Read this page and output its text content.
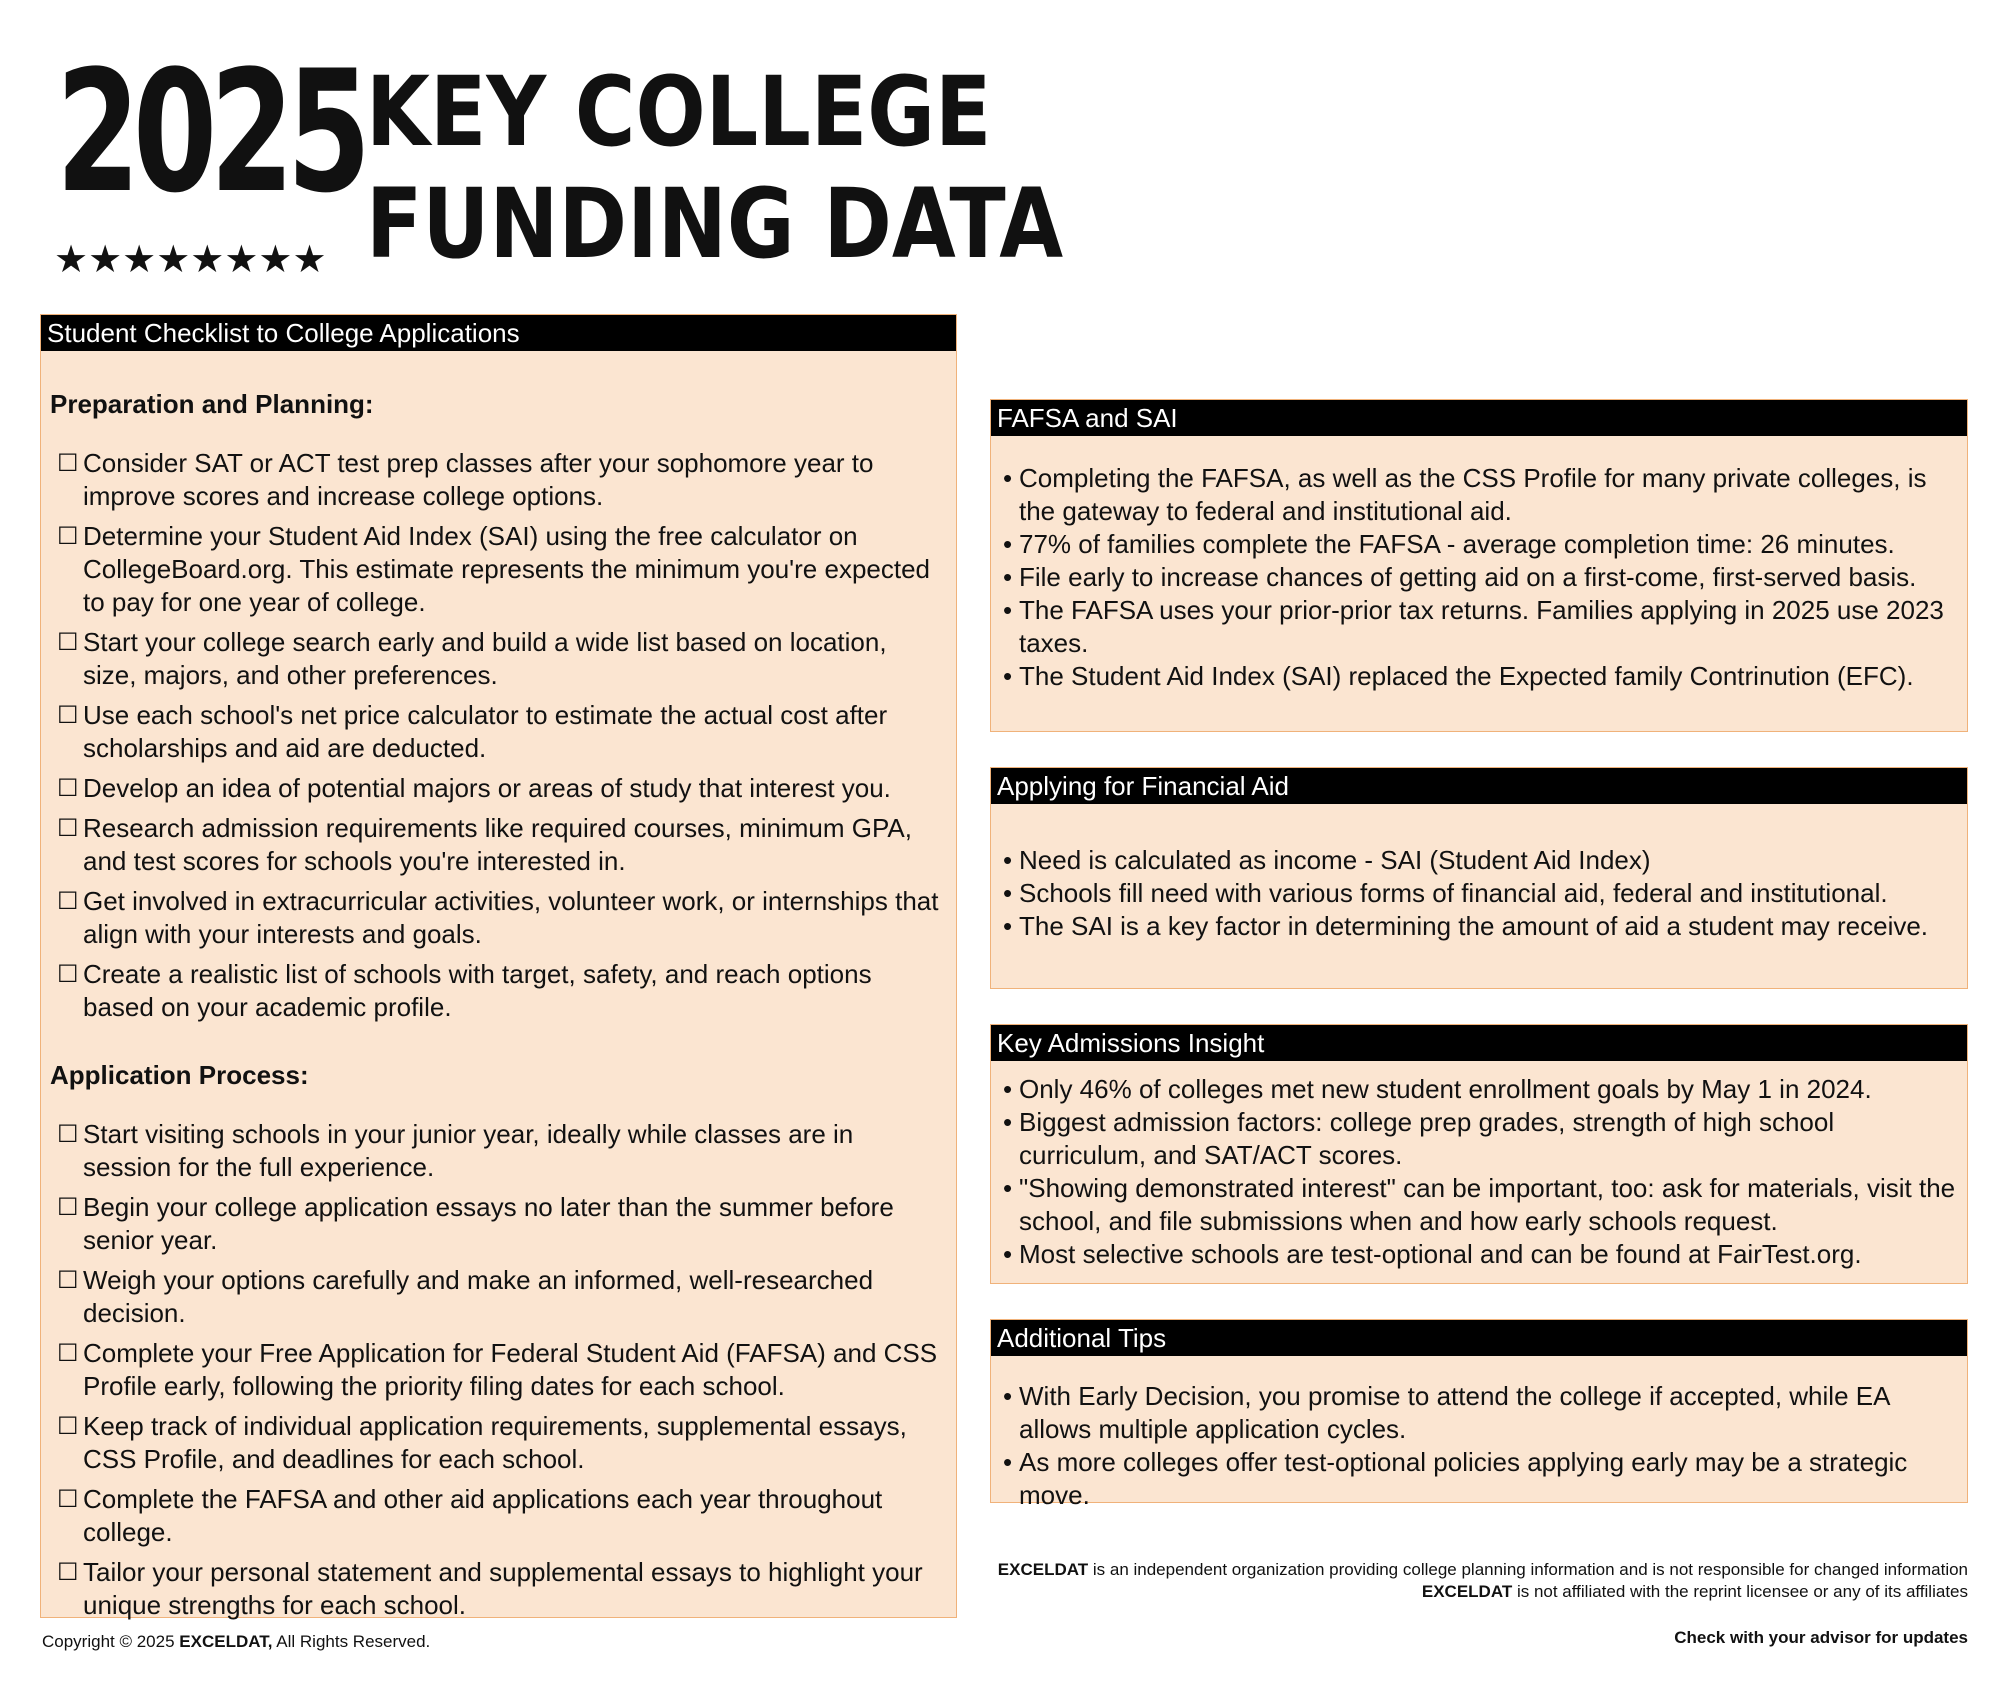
2025
★★★★★★★★
KEY COLLEGE
FUNDING DATA
Student Checklist to College Applications
Preparation and Planning:
☐ Consider SAT or ACT test prep classes after your sophomore year to improve scores and increase college options.
☐ Determine your Student Aid Index (SAI) using the free calculator on CollegeBoard.org. This estimate represents the minimum you're expected to pay for one year of college.
☐ Start your college search early and build a wide list based on location, size, majors, and other preferences.
☐ Use each school's net price calculator to estimate the actual cost after scholarships and aid are deducted.
☐ Develop an idea of potential majors or areas of study that interest you.
☐ Research admission requirements like required courses, minimum GPA, and test scores for schools you're interested in.
☐ Get involved in extracurricular activities, volunteer work, or internships that align with your interests and goals.
☐ Create a realistic list of schools with target, safety, and reach options based on your academic profile.
Application Process:
☐ Start visiting schools in your junior year, ideally while classes are in session for the full experience.
☐ Begin your college application essays no later than the summer before senior year.
☐ Weigh your options carefully and make an informed, well-researched decision.
☐ Complete your Free Application for Federal Student Aid (FAFSA) and CSS Profile early, following the priority filing dates for each school.
☐ Keep track of individual application requirements, supplemental essays, CSS Profile, and deadlines for each school.
☐ Complete the FAFSA and other aid applications each year throughout college.
☐ Tailor your personal statement and supplemental essays to highlight your unique strengths for each school.
FAFSA and SAI
• Completing the FAFSA, as well as the CSS Profile for many private colleges, is the gateway to federal and institutional aid.
• 77% of families complete the FAFSA - average completion time: 26 minutes.
• File early to increase chances of getting aid on a first-come, first-served basis.
• The FAFSA uses your prior-prior tax returns. Families applying in 2025 use 2023 taxes.
• The Student Aid Index (SAI) replaced the Expected family Contrinution (EFC).
Applying for Financial Aid
• Need is calculated as income - SAI (Student Aid Index)
• Schools fill need with various forms of financial aid, federal and institutional.
• The SAI is a key factor in determining the amount of aid a student may receive.
Key Admissions Insight
• Only 46% of colleges met new student enrollment goals by May 1 in 2024.
• Biggest admission factors: college prep grades, strength of high school curriculum, and SAT/ACT scores.
• "Showing demonstrated interest" can be important, too: ask for materials, visit the school, and file submissions when and how early schools request.
• Most selective schools are test-optional and can be found at FairTest.org.
Additional Tips
• With Early Decision, you promise to attend the college if accepted, while EA allows multiple application cycles.
• As more colleges offer test-optional policies applying early may be a strategic move.
EXCELDAT is an independent organization providing college planning information and is not responsible for changed information
EXCELDAT is not affiliated with the reprint licensee or any of its affiliates
Check with your advisor for updates
Copyright © 2025 EXCELDAT, All Rights Reserved.
